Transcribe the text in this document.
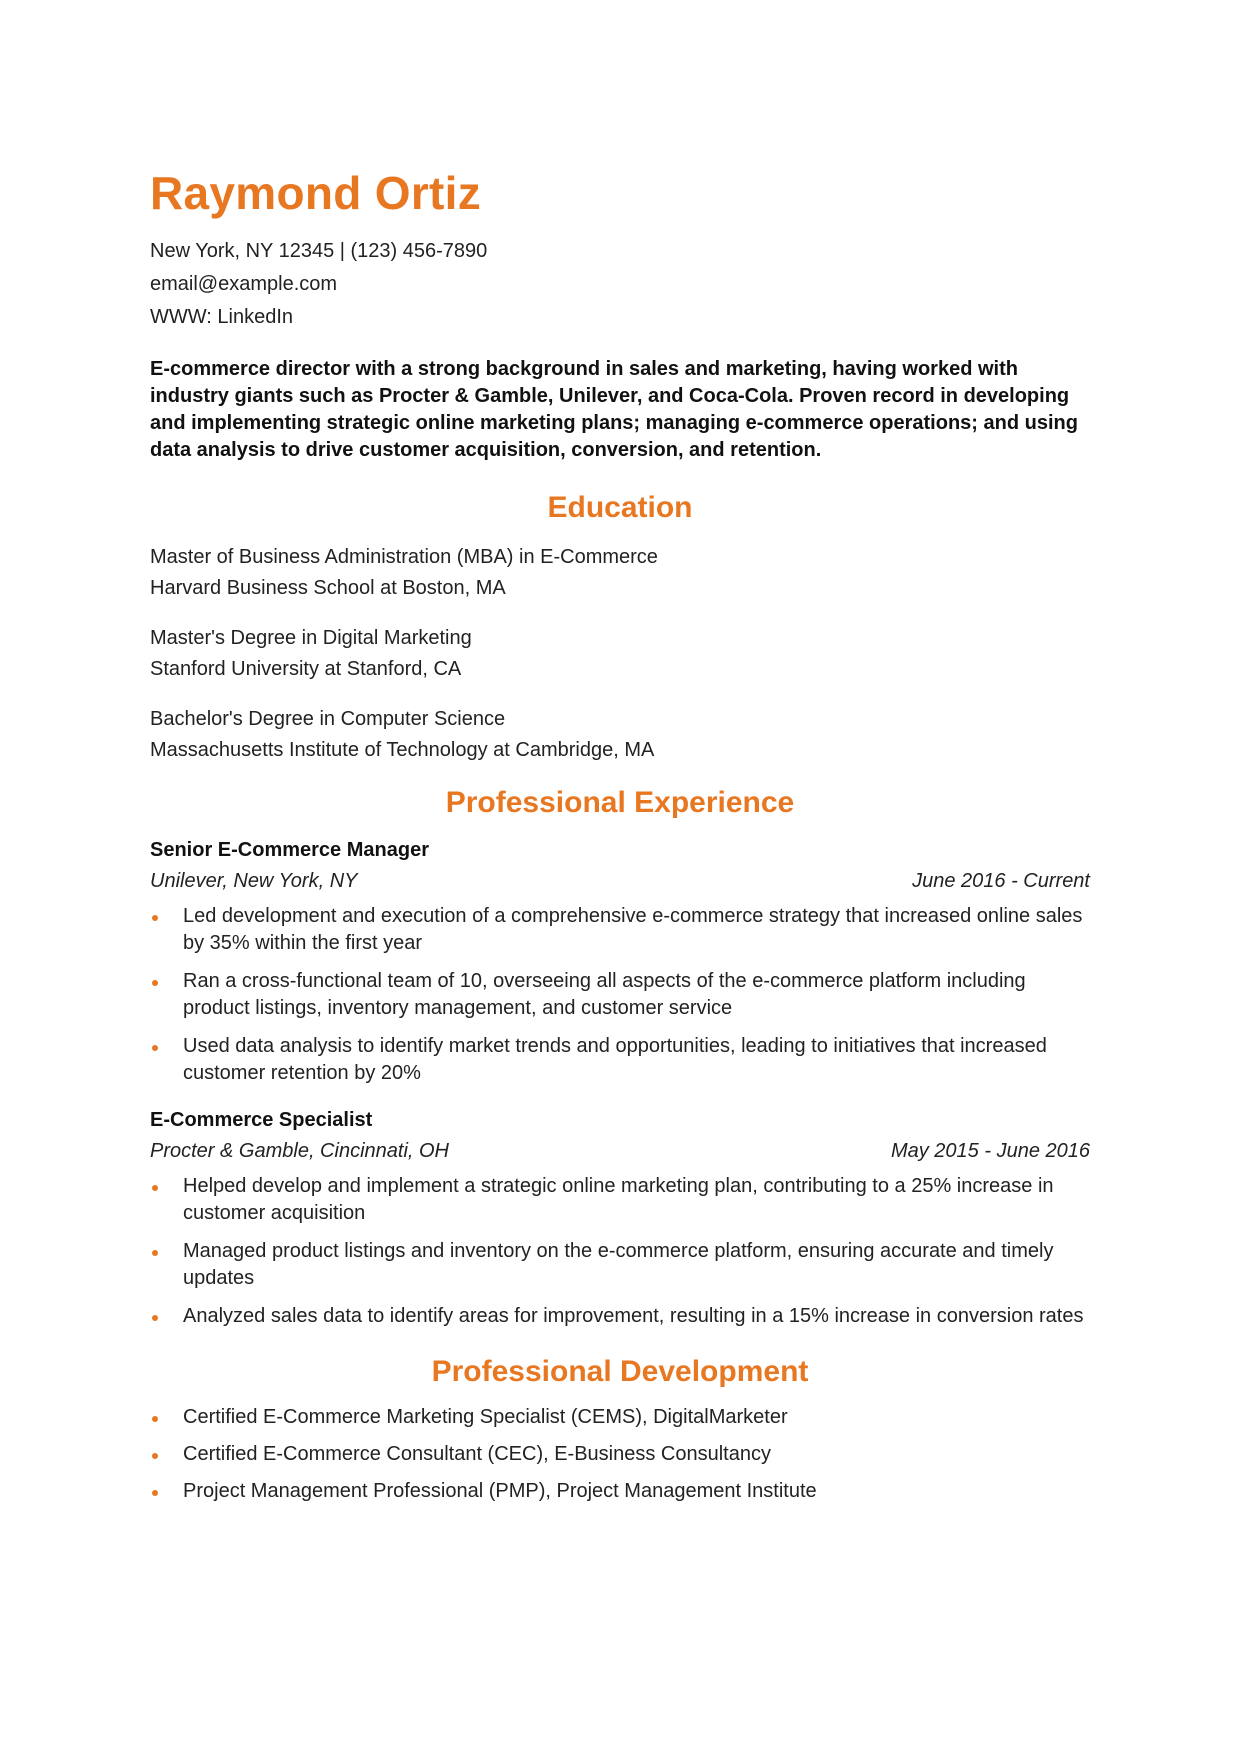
Raymond Ortiz
New York, NY 12345 | (123) 456-7890
email@example.com
WWW: LinkedIn
E-commerce director with a strong background in sales and marketing, having worked with industry giants such as Procter & Gamble, Unilever, and Coca-Cola. Proven record in developing and implementing strategic online marketing plans; managing e-commerce operations; and using data analysis to drive customer acquisition, conversion, and retention.
Education
Master of Business Administration (MBA) in E-Commerce
Harvard Business School at Boston, MA
Master's Degree in Digital Marketing
Stanford University at Stanford, CA
Bachelor's Degree in Computer Science
Massachusetts Institute of Technology at Cambridge, MA
Professional Experience
Senior E-Commerce Manager
Unilever, New York, NY	June 2016 - Current
Led development and execution of a comprehensive e-commerce strategy that increased online sales by 35% within the first year
Ran a cross-functional team of 10, overseeing all aspects of the e-commerce platform including product listings, inventory management, and customer service
Used data analysis to identify market trends and opportunities, leading to initiatives that increased customer retention by 20%
E-Commerce Specialist
Procter & Gamble, Cincinnati, OH	May 2015 - June 2016
Helped develop and implement a strategic online marketing plan, contributing to a 25% increase in customer acquisition
Managed product listings and inventory on the e-commerce platform, ensuring accurate and timely updates
Analyzed sales data to identify areas for improvement, resulting in a 15% increase in conversion rates
Professional Development
Certified E-Commerce Marketing Specialist (CEMS), DigitalMarketer
Certified E-Commerce Consultant (CEC), E-Business Consultancy
Project Management Professional (PMP), Project Management Institute
